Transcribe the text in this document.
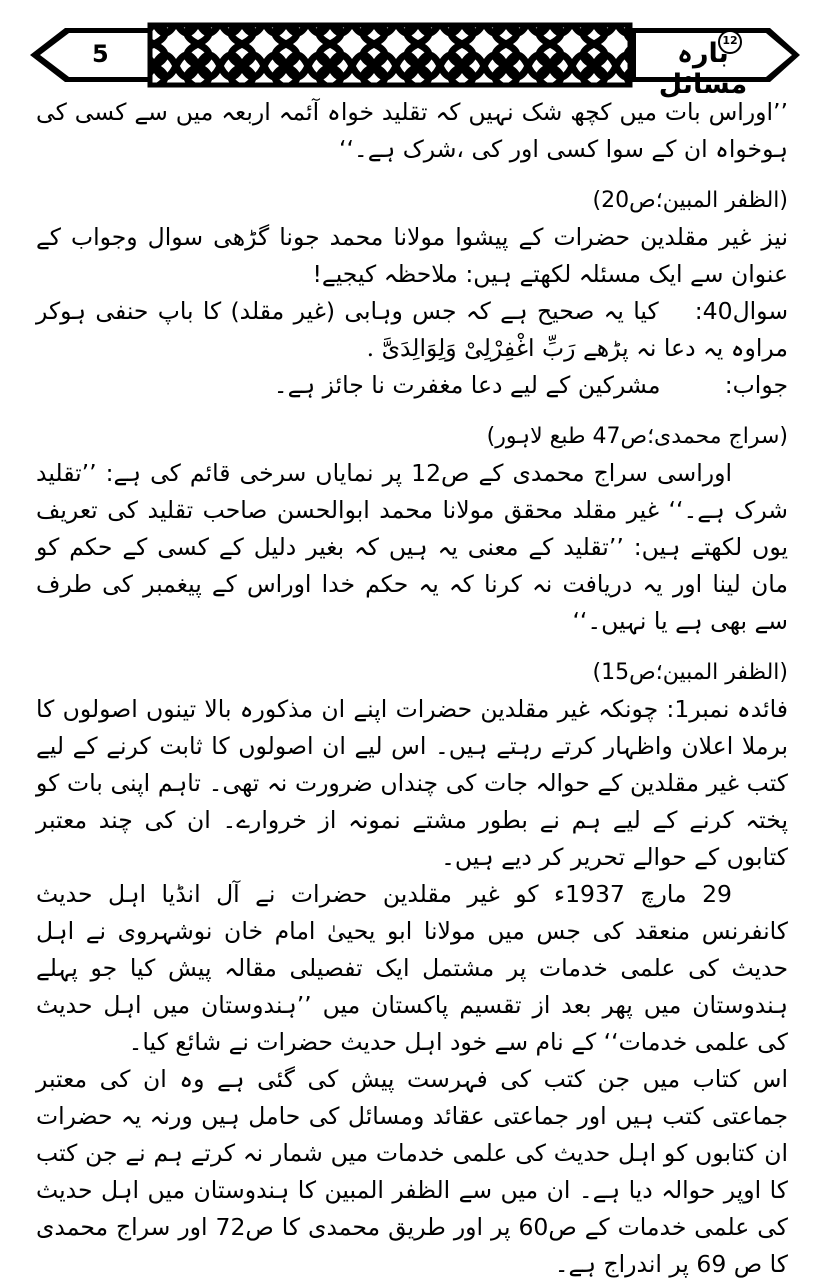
5	بارہ مسائل
12

’’اوراس بات میں کچھ شک نہیں کہ تقلید خواہ آئمہ اربعہ میں سے کسی کی ہوخواہ ان کے سوا کسی اور کی ،شرک ہے۔‘‘

(الظفر المبین؛ص20)

نیز غیر مقلدین حضرات کے پیشوا مولانا محمد جونا گڑھی سوال وجواب کے عنوان سے ایک مسئلہ لکھتے ہیں: ملاحظہ کیجیے!

سوال40: کیا یہ صحیح ہے کہ جس وہابی (غیر مقلد) کا باپ حنفی ہوکر مراوہ یہ دعا نہ پڑھے رَبِّ اغْفِرْلِیْ وَلِوَالِدَیَّ .

جواب: مشرکین کے لیے دعا مغفرت نا جائز ہے۔

(سراج محمدی؛ص47 طبع لاہور)

اوراسی سراج محمدی کے ص12 پر نمایاں سرخی قائم کی ہے: ’’تقلید شرک ہے۔‘‘ غیر مقلد محقق مولانا محمد ابوالحسن صاحب تقلید کی تعریف یوں لکھتے ہیں: ’’تقلید کے معنی یہ ہیں کہ بغیر دلیل کے کسی کے حکم کو مان لینا اور یہ دریافت نہ کرنا کہ یہ حکم خدا اوراس کے پیغمبر کی طرف سے بھی ہے یا نہیں۔‘‘

(الظفر المبین؛ص15)

فائدہ نمبر1: چونکہ غیر مقلدین حضرات اپنے ان مذکورہ بالا تینوں اصولوں کا برملا اعلان واظہار کرتے رہتے ہیں۔ اس لیے ان اصولوں کا ثابت کرنے کے لیے کتب غیر مقلدین کے حوالہ جات کی چنداں ضرورت نہ تھی۔ تاہم اپنی بات کو پختہ کرنے کے لیے ہم نے بطور مشتے نمونہ از خروارے۔ ان کی چند معتبر کتابوں کے حوالے تحریر کر دیے ہیں۔

29 مارچ 1937ء کو غیر مقلدین حضرات نے آل انڈیا اہل حدیث کانفرنس منعقد کی جس میں مولانا ابو یحییٰ امام خان نوشہروی نے اہل حدیث کی علمی خدمات پر مشتمل ایک تفصیلی مقالہ پیش کیا جو پہلے ہندوستان میں پھر بعد از تقسیم پاکستان میں ’’ہندوستان میں اہل حدیث کی علمی خدمات‘‘ کے نام سے خود اہل حدیث حضرات نے شائع کیا۔

اس کتاب میں جن کتب کی فہرست پیش کی گئی ہے وہ ان کی معتبر جماعتی کتب ہیں اور جماعتی عقائد ومسائل کی حامل ہیں ورنہ یہ حضرات ان کتابوں کو اہل حدیث کی علمی خدمات میں شمار نہ کرتے ہم نے جن کتب کا اوپر حوالہ دیا ہے۔ ان میں سے الظفر المبین کا ہندوستان میں اہل حدیث کی علمی خدمات کے ص60 پر اور طریق محمدی کا ص72 اور سراج محمدی کا ص 69 پر اندراج ہے۔
